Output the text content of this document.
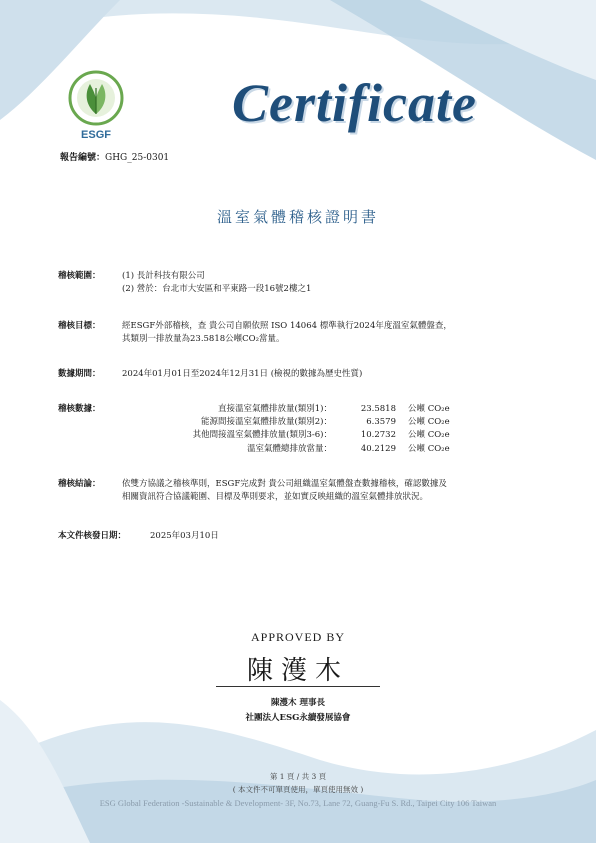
ESGF
Certificate
報告編號：GHG_25-0301
溫室氣體稽核證明書
稽核範圍：	(1) 長計科技有限公司
(2) 營於：台北市大安區和平東路一段16號2樓之1
稽核目標：	經ESGF外部稽核，查 貴公司自願依照 ISO 14064 標準執行2024年度溫室氣體盤查，
其類別一排放量為23.5818公噸CO₂當量。
數據期間：	2024年01月01日至2024年12月31日 (檢視的數據為歷史性質)
稽核數據：	直接溫室氣體排放量(類別1)：	23.5818 公噸 CO₂e
能源間接溫室氣體排放量(類別2)：	6.3579 公噸 CO₂e
其他間接溫室氣體排放量(類別3-6)：	10.2732 公噸 CO₂e
溫室氣體總排放當量：	40.2129 公噸 CO₂e
稽核結論：	依雙方協議之稽核準則，ESGF完成對 貴公司組織溫室氣體盤查數據稽核，確認數據及
相關資訊符合協議範圍、目標及準則要求，並如實反映組織的溫室氣體排放狀況。
本文件核發日期：	2025年03月10日
APPROVED BY
陳濩木
陳濩木 理事長
社團法人ESG永續發展協會
第 1 頁 / 共 3 頁
( 本文件不可單頁使用，單頁使用無效 )
ESG Global Federation -Sustainable & Development- 3F, No.73, Lane 72, Guang-Fu S. Rd., Taipei City 106 Taiwan
